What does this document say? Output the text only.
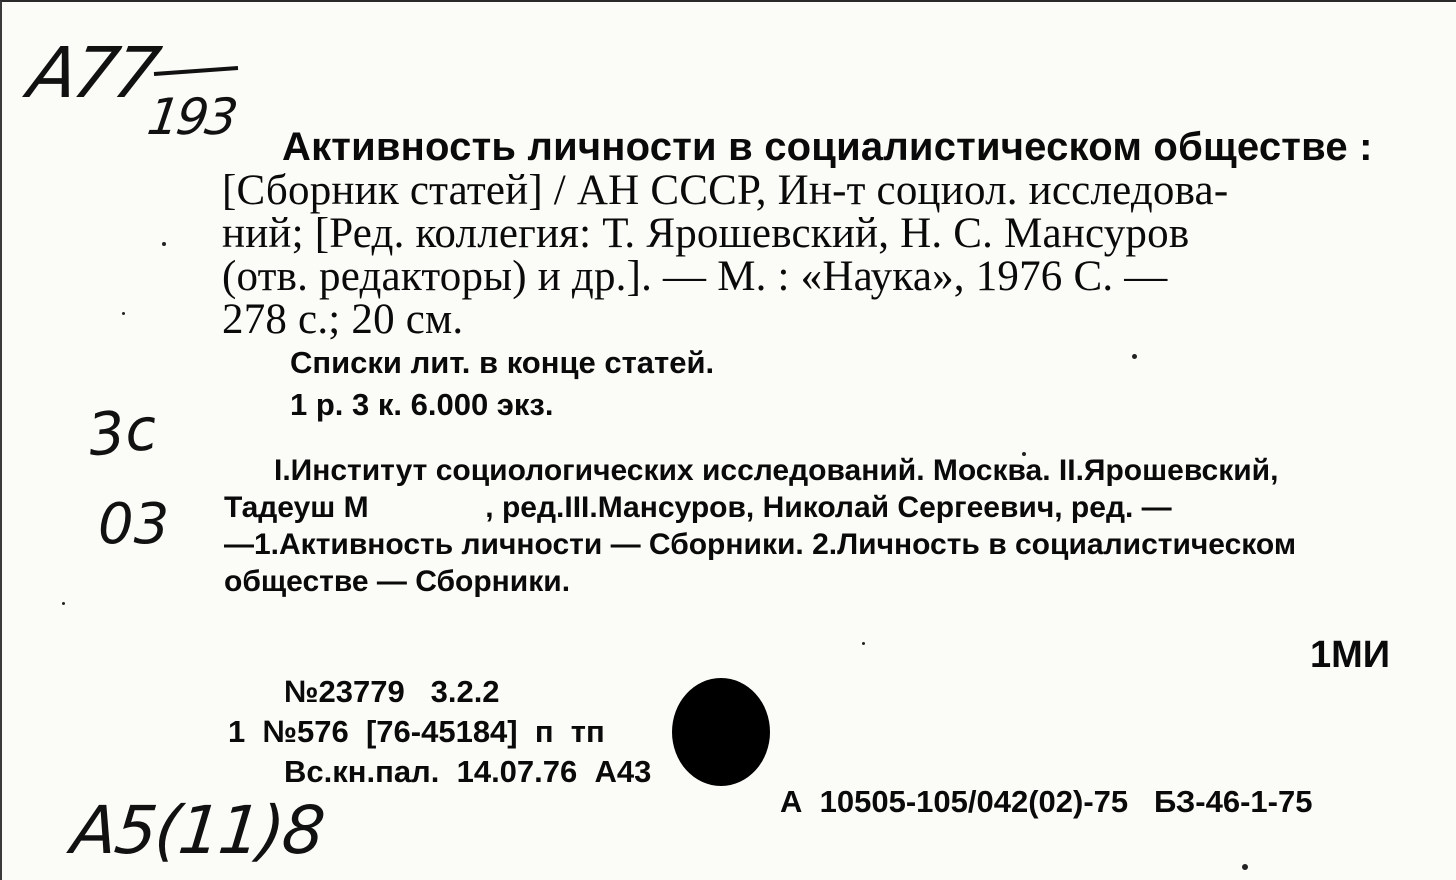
A77
193
3c
03
Активность личности в социалистическом обществе :
[Сборник статей] / АН СССР, Ин-т социол. исследова-
ний; [Ред. коллегия: Т. Ярошевский, Н. С. Мансуров
(отв. редакторы) и др.]. — М. : «Наука», 1976 С. —
278 с.; 20 см.
Списки лит. в конце статей.
1 р. 3 к. 6.000 экз.
I.Институт социологических исследований. Москва. II.Ярошевский,
Тадеуш М              , ред.III.Мансуров, Николай Сергеевич, ред. —
—1.Активность личности — Сборники. 2.Личность в социалистическом
обществе — Сборники.
1МИ
№23779   3.2.2
1  №576  [76-45184]  п  тп
Вс.кн.пал.  14.07.76  А43
А  10505-105/042(02)-75   БЗ-46-1-75
A5(11)8
